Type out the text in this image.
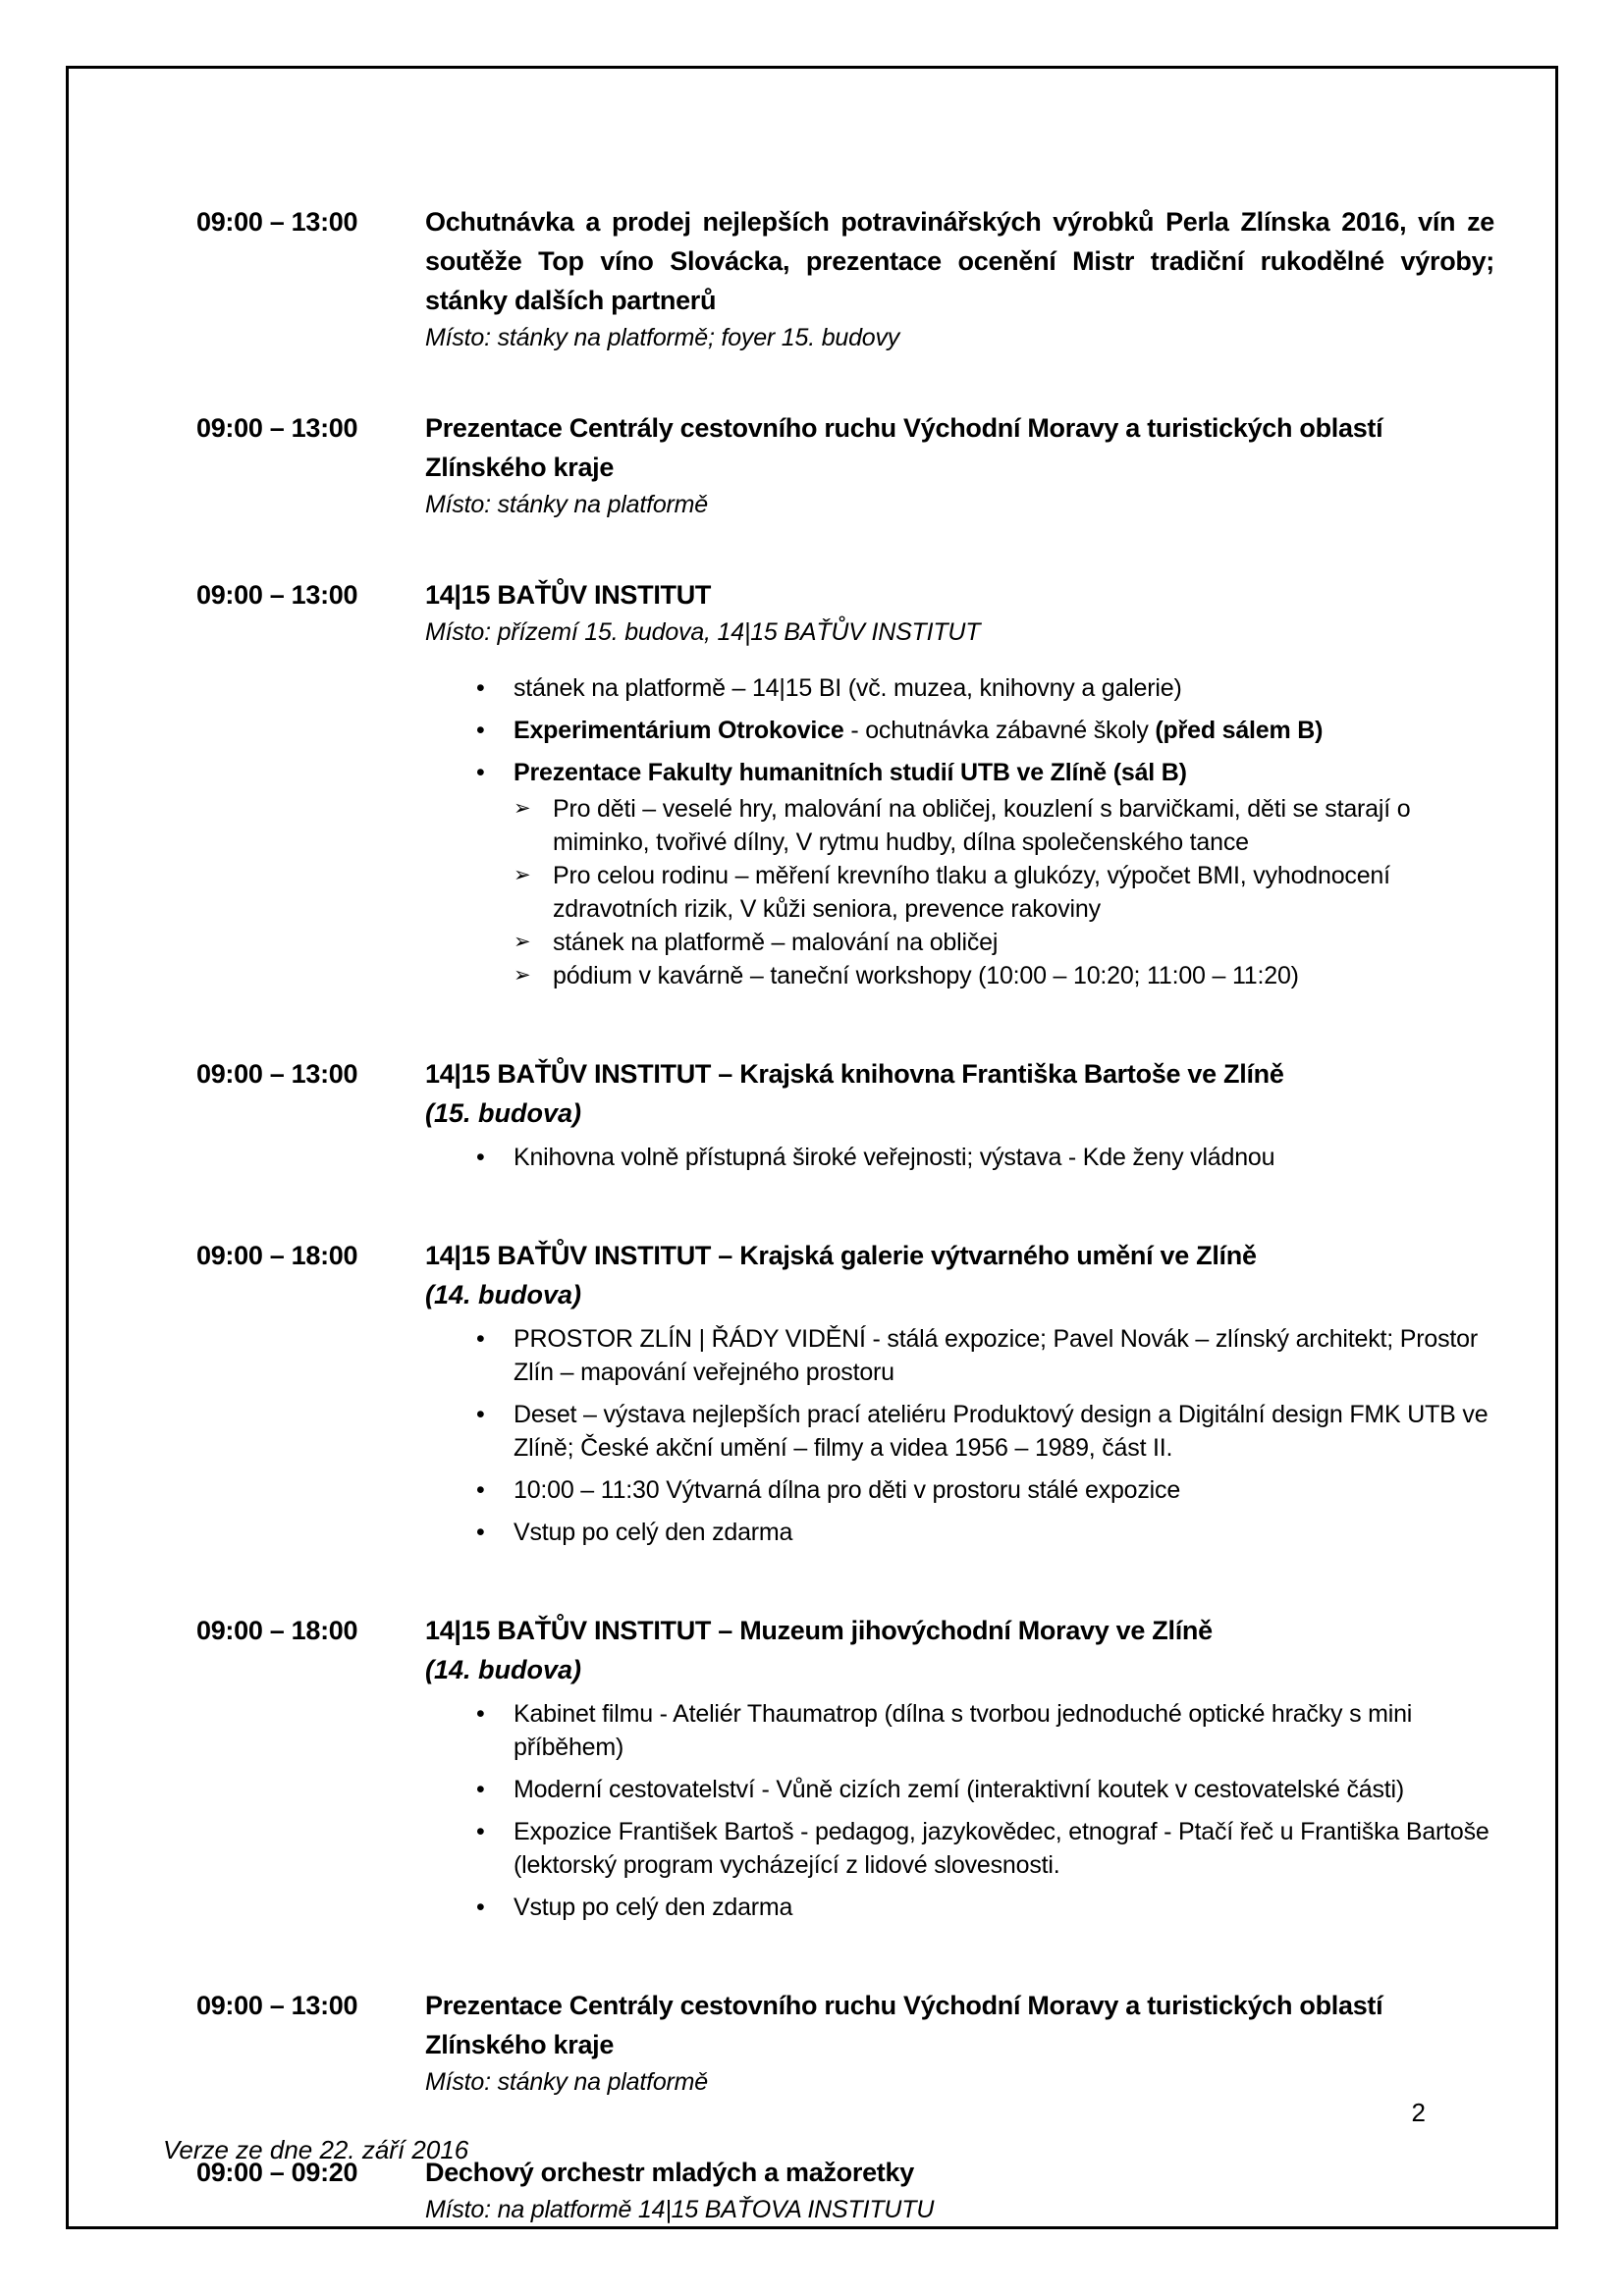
09:00 – 13:00	Ochutnávka a prodej nejlepších potravinářských výrobků Perla Zlínska 2016, vín ze soutěže Top víno Slovácka, prezentace ocenění Mistr tradiční rukodělné výroby; stánky dalších partnerů
Místo: stánky na platformě; foyer 15. budovy
09:00 – 13:00	Prezentace Centrály cestovního ruchu Východní Moravy a turistických oblastí Zlínského kraje
Místo: stánky na platformě
09:00 – 13:00	14|15 BAŤŮV INSTITUT
Místo: přízemí 15. budova, 14|15 BAŤŮV INSTITUT
•	stánek na platformě – 14|15 BI (vč. muzea, knihovny a galerie)
•	Experimentárium Otrokovice - ochutnávka zábavné školy (před sálem B)
•	Prezentace Fakulty humanitních studií UTB ve Zlíně (sál B)
➢ Pro děti – veselé hry, malování na obličej, kouzlení s barvičkami, děti se starají o miminko, tvořivé dílny, V rytmu hudby, dílna společenského tance
➢ Pro celou rodinu – měření krevního tlaku a glukózy, výpočet BMI, vyhodnocení zdravotních rizik, V kůži seniora, prevence rakoviny
➢ stánek na platformě – malování na obličej
➢ pódium v kavárně – taneční workshopy (10:00 – 10:20; 11:00 – 11:20)
09:00 – 13:00	14|15 BAŤŮV INSTITUT – Krajská knihovna Františka Bartoše ve Zlíně
(15. budova)
•	Knihovna volně přístupná široké veřejnosti; výstava - Kde ženy vládnou
09:00 – 18:00	14|15 BAŤŮV INSTITUT – Krajská galerie výtvarného umění ve Zlíně
(14. budova)
•	PROSTOR ZLÍN | ŘÁDY VIDĚNÍ - stálá expozice; Pavel Novák – zlínský architekt; Prostor Zlín – mapování veřejného prostoru
•	Deset – výstava nejlepších prací ateliéru Produktový design a Digitální design FMK UTB ve Zlíně; České akční umění – filmy a videa 1956 – 1989, část II.
•	10:00 – 11:30 Výtvarná dílna pro děti v prostoru stálé expozice
•	Vstup po celý den zdarma
09:00 – 18:00	14|15 BAŤŮV INSTITUT – Muzeum jihovýchodní Moravy ve Zlíně
(14. budova)
•	Kabinet filmu - Ateliér Thaumatrop (dílna s tvorbou jednoduché optické hračky s mini příběhem)
•	Moderní cestovatelství - Vůně cizích zemí (interaktivní koutek v cestovatelské části)
•	Expozice František Bartoš - pedagog, jazykovědec, etnograf - Ptačí řeč u Františka Bartoše (lektorský program vycházející z lidové slovesnosti.
•	Vstup po celý den zdarma
09:00 – 13:00	Prezentace Centrály cestovního ruchu Východní Moravy a turistických oblastí Zlínského kraje
Místo: stánky na platformě
09:00 – 09:20	Dechový orchestr mladých a mažoretky
Místo: na platformě 14|15 BAŤOVA INSTITUTU
2
Verze ze dne 22. září 2016
